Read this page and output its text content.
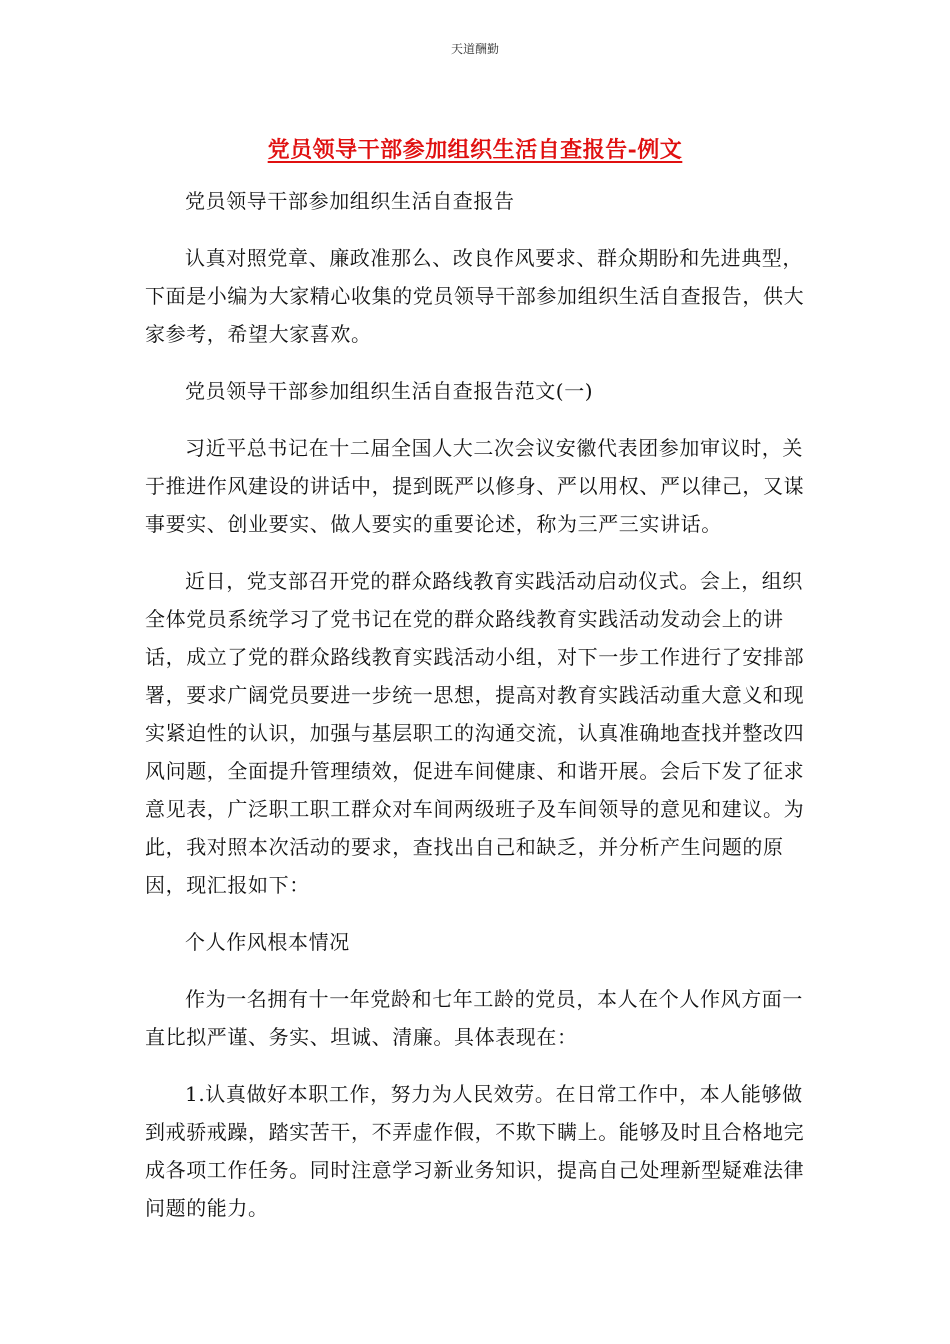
天道酬勤
党员领导干部参加组织生活自查报告-例文

党员领导干部参加组织生活自查报告

认真对照党章、廉政准那么、改良作风要求、群众期盼和先进典型，下面是小编为大家精心收集的党员领导干部参加组织生活自查报告，供大家参考，希望大家喜欢。

党员领导干部参加组织生活自查报告范文(一)

习近平总书记在十二届全国人大二次会议安徽代表团参加审议时，关于推进作风建设的讲话中，提到既严以修身、严以用权、严以律己，又谋事要实、创业要实、做人要实的重要论述，称为三严三实讲话。

近日，党支部召开党的群众路线教育实践活动启动仪式。会上，组织全体党员系统学习了党书记在党的群众路线教育实践活动发动会上的讲话，成立了党的群众路线教育实践活动小组，对下一步工作进行了安排部署，要求广阔党员要进一步统一思想，提高对教育实践活动重大意义和现实紧迫性的认识，加强与基层职工的沟通交流，认真准确地查找并整改四风问题，全面提升管理绩效，促进车间健康、和谐开展。会后下发了征求意见表，广泛职工职工群众对车间两级班子及车间领导的意见和建议。为此，我对照本次活动的要求，查找出自己和缺乏，并分析产生问题的原因，现汇报如下：

个人作风根本情况

作为一名拥有十一年党龄和七年工龄的党员，本人在个人作风方面一直比拟严谨、务实、坦诚、清廉。具体表现在：

1.认真做好本职工作，努力为人民效劳。在日常工作中，本人能够做到戒骄戒躁，踏实苦干，不弄虚作假，不欺下瞒上。能够及时且合格地完成各项工作任务。同时注意学习新业务知识，提高自己处理新型疑难法律问题的能力。
